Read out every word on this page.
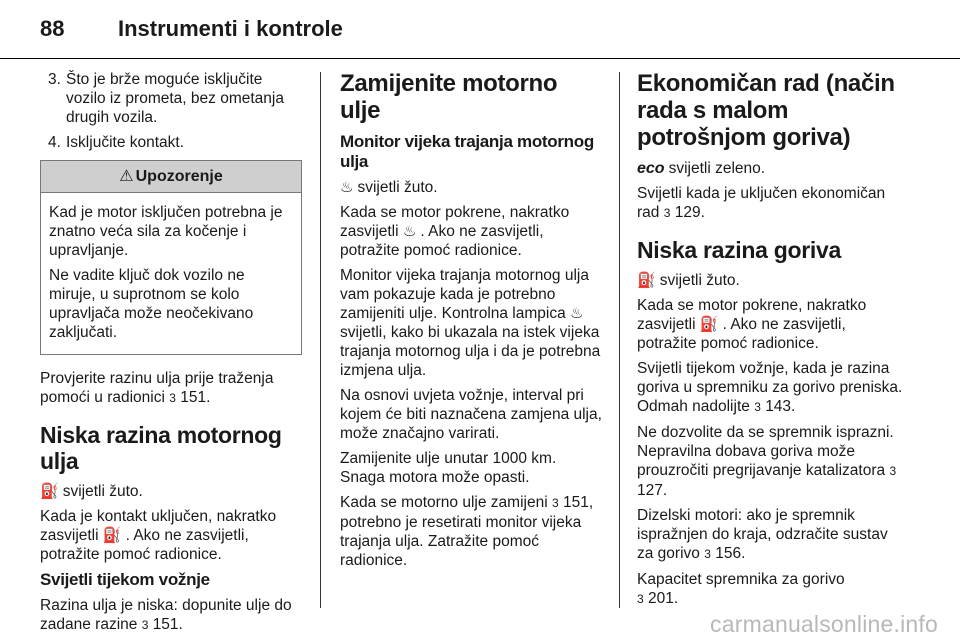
88	Instrumenti i kontrole
3. Što je brže moguće isključite vozilo iz prometa, bez ometanja drugih vozila.
4. Isključite kontakt.
⚠ Upozorenje

Kad je motor isključen potrebna je znatno veća sila za kočenje i upravljanje.

Ne vadite ključ dok vozilo ne miruje, u suprotnom se kolo upravljača može neočekivano zaključati.

Provjerite razinu ulja prije traženja pomoći u radionici 3 151.

Niska razina motornog ulja

⛽ svijetli žuto.

Kada je kontakt uključen, nakratko zasvijetli ⛽ . Ako ne zasvijetli, potražite pomoć radionice.

Svijetli tijekom vožnje

Razina ulja je niska: dopunite ulje do zadane razine 3 151.

Zamijenite motorno ulje
Monitor vijeka trajanja motornog ulja

♨ svijetli žuto.

Kada se motor pokrene, nakratko zasvijetli ♨ . Ako ne zasvijetli, potražite pomoć radionice.

Monitor vijeka trajanja motornog ulja vam pokazuje kada je potrebno zamijeniti ulje. Kontrolna lampica ♨ svijetli, kako bi ukazala na istek vijeka trajanja motornog ulja i da je potrebna izmjena ulja.

Na osnovi uvjeta vožnje, interval pri kojem će biti naznačena zamjena ulja, može značajno varirati.

Zamijenite ulje unutar 1000 km. Snaga motora može opasti.

Kada se motorno ulje zamijeni 3 151, potrebno je resetirati monitor vijeka trajanja ulja. Zatražite pomoć radionice.

Ekonomičan rad (način rada s malom potrošnjom goriva)

eco svijetli zeleno.

Svijetli kada je uključen ekonomičan rad 3 129.

Niska razina goriva

⛽ svijetli žuto.

Kada se motor pokrene, nakratko zasvijetli ⛽ . Ako ne zasvijetli, potražite pomoć radionice.

Svijetli tijekom vožnje, kada je razina goriva u spremniku za gorivo preniska. Odmah nadolijte 3 143.

Ne dozvolite da se spremnik isprazni. Nepravilna dobava goriva može prouzročiti pregrijavanje katalizatora 3 127.

Dizelski motori: ako je spremnik ispražnjen do kraja, odzračite sustav za gorivo 3 156.

Kapacitet spremnika za gorivo
3 201.

carmanualsonline.info
